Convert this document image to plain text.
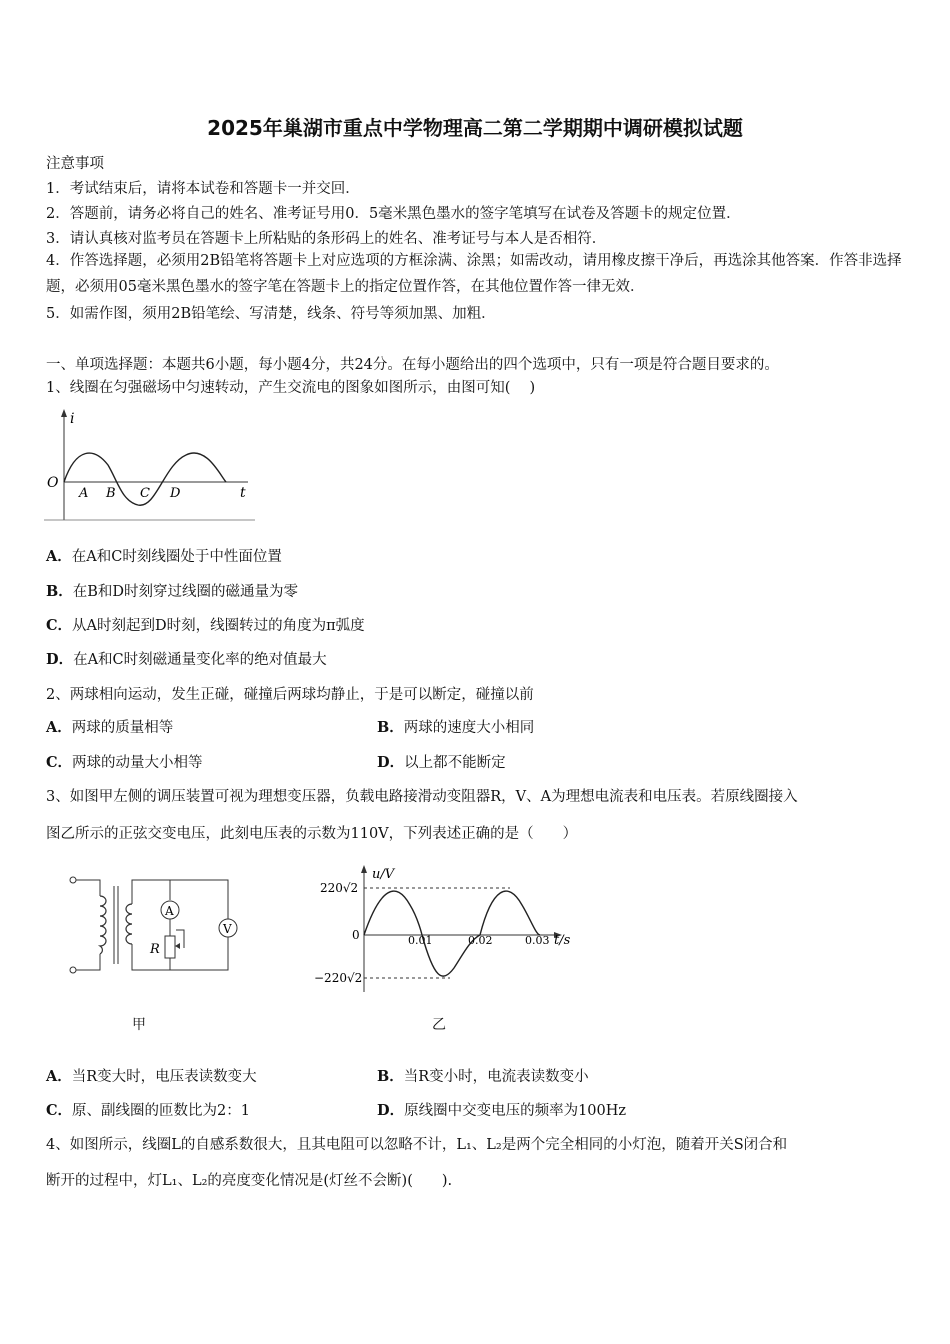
2025年巢湖市重点中学物理高二第二学期期中调研模拟试题
注意事项
1．考试结束后，请将本试卷和答题卡一并交回．
2．答题前，请务必将自己的姓名、准考证号用0．5毫米黑色墨水的签字笔填写在试卷及答题卡的规定位置．
3．请认真核对监考员在答题卡上所粘贴的条形码上的姓名、准考证号与本人是否相符．
4．作答选择题，必须用2B铅笔将答题卡上对应选项的方框涂满、涂黑；如需改动，请用橡皮擦干净后，再选涂其他答案．作答非选择题，必须用05毫米黑色墨水的签字笔在答题卡上的指定位置作答，在其他位置作答一律无效．
5．如需作图，须用2B铅笔绘、写清楚，线条、符号等须加黑、加粗．
一、单项选择题：本题共6小题，每小题4分，共24分。在每小题给出的四个选项中，只有一项是符合题目要求的。
1、线圈在匀强磁场中匀速转动，产生交流电的图象如图所示，由图可知(　 )
i
O
t
A B C D
A．在A和C时刻线圈处于中性面位置
B．在B和D时刻穿过线圈的磁通量为零
C．从A时刻起到D时刻，线圈转过的角度为π弧度
D．在A和C时刻磁通量变化率的绝对值最大
2、两球相向运动，发生正碰，碰撞后两球均静止，于是可以断定，碰撞以前
A．两球的质量相等	B．两球的速度大小相同
C．两球的动量大小相等	D．以上都不能断定
3、如图甲左侧的调压装置可视为理想变压器，负载电路接滑动变阻器R，V、A为理想电流表和电压表。若原线圈接入
图乙所示的正弦交变电压，此刻电压表的示数为110V，下列表述正确的是（　　）
A
R
V
甲
u/V
220√2
0
−220√2
0.01	0.02	0.03 t/s
乙
A．当R变大时，电压表读数变大	B．当R变小时，电流表读数变小
C．原、副线圈的匝数比为2：1	D．原线圈中交变电压的频率为100Hz
4、如图所示，线圈L的自感系数很大，且其电阻可以忽略不计，L₁、L₂是两个完全相同的小灯泡，随着开关S闭合和
断开的过程中，灯L₁、L₂的亮度变化情况是(灯丝不会断)(　　).
